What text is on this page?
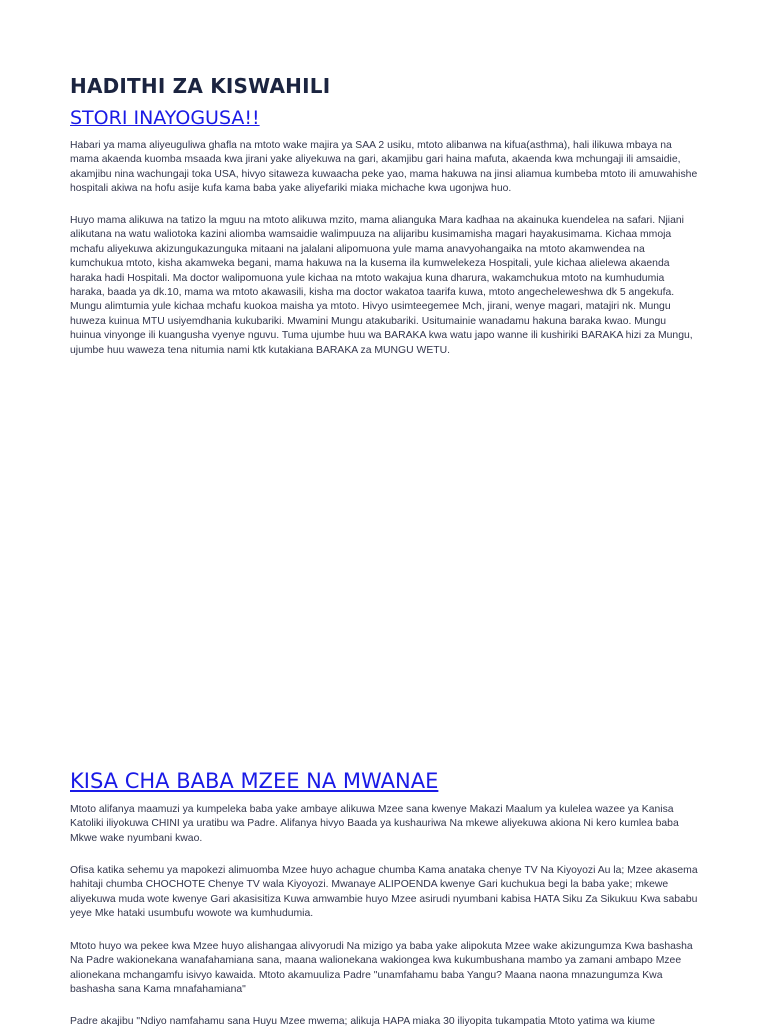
HADITHI ZA KISWAHILI
STORI INAYOGUSA!!

Habari ya mama aliyeuguliwa ghafla na mtoto wake majira ya SAA 2 usiku, mtoto alibanwa na kifua(asthma), hali ilikuwa mbaya na mama akaenda kuomba msaada kwa jirani yake aliyekuwa na gari, akamjibu gari haina mafuta, akaenda kwa mchungaji ili amsaidie, akamjibu nina wachungaji toka USA, hivyo sitaweza kuwaacha peke yao, mama hakuwa na jinsi aliamua kumbeba mtoto ili amuwahishe hospitali akiwa na hofu asije kufa kama baba yake aliyefariki miaka michache kwa ugonjwa huo.

Huyo mama alikuwa na tatizo la mguu na mtoto alikuwa mzito, mama alianguka Mara kadhaa na akainuka kuendelea na safari. Njiani alikutana na watu waliotoka kazini aliomba wamsaidie walimpuuza na alijaribu kusimamisha magari hayakusimama. Kichaa mmoja mchafu aliyekuwa akizungukazunguka mitaani na jalalani alipomuona yule mama anavyohangaika na mtoto akamwendea na kumchukua mtoto, kisha akamweka begani, mama hakuwa na la kusema ila kumwelekeza Hospitali, yule kichaa alielewa akaenda haraka hadi Hospitali. Ma doctor walipomuona yule kichaa na mtoto wakajua kuna dharura, wakamchukua mtoto na kumhudumia haraka, baada ya dk.10, mama wa mtoto akawasili, kisha ma doctor wakatoa taarifa kuwa, mtoto angecheleweshwa dk 5 angekufa. Mungu alimtumia yule kichaa mchafu kuokoa maisha ya mtoto. Hivyo usimteegemee Mch, jirani, wenye magari, matajiri nk. Mungu huweza kuinua MTU usiyemdhania kukubariki. Mwamini Mungu atakubariki. Usitumainie wanadamu hakuna baraka kwao. Mungu huinua vinyonge ili kuangusha vyenye nguvu. Tuma ujumbe huu wa BARAKA kwa watu japo wanne ili kushiriki BARAKA hizi za Mungu, ujumbe huu waweza tena nitumia nami ktk kutakiana BARAKA za MUNGU WETU.

KISA CHA BABA MZEE NA MWANAE

Mtoto alifanya maamuzi ya kumpeleka baba yake ambaye alikuwa Mzee sana kwenye Makazi Maalum ya kulelea wazee ya Kanisa Katoliki iliyokuwa CHINI ya uratibu wa Padre. Alifanya hivyo Baada ya kushauriwa Na mkewe aliyekuwa akiona Ni kero kumlea baba Mkwe wake nyumbani kwao.

Ofisa katika sehemu ya mapokezi alimuomba Mzee huyo achague chumba Kama anataka chenye TV Na Kiyoyozi Au la; Mzee akasema hahitaji chumba CHOCHOTE Chenye TV wala Kiyoyozi. Mwanaye ALIPOENDA kwenye Gari kuchukua begi la baba yake; mkewe aliyekuwa muda wote kwenye Gari akasisitiza Kuwa amwambie huyo Mzee asirudi nyumbani kabisa HATA Siku Za Sikukuu Kwa sababu yeye Mke hataki usumbufu wowote wa kumhudumia.

Mtoto huyo wa pekee kwa Mzee huyo alishangaa alivyorudi Na mizigo ya baba yake alipokuta Mzee wake akizungumza Kwa bashasha Na Padre wakionekana wanafahamiana sana, maana walionekana wakiongea kwa kukumbushana mambo ya zamani ambapo Mzee alionekana mchangamfu isivyo kawaida. Mtoto akamuuliza Padre "unamfahamu baba Yangu? Maana naona mnazungumza Kwa bashasha sana Kama mnafahamiana"

Padre akajibu "Ndiyo namfahamu sana Huyu Mzee mwema; alikuja HAPA miaka 30 iliyopita tukampatia Mtoto yatima wa kiume
